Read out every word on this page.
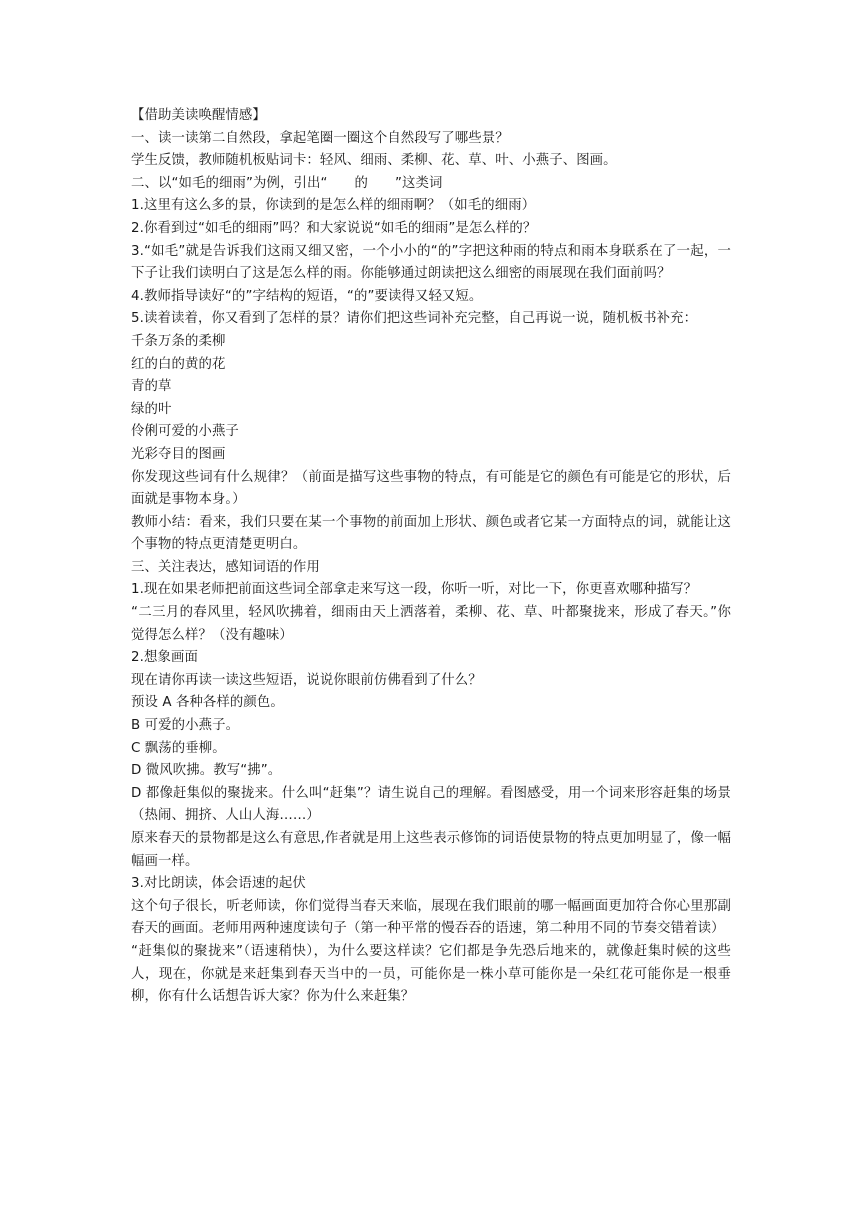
【借助美读唤醒情感】

一、读一读第二自然段，拿起笔圈一圈这个自然段写了哪些景？

学生反馈，教师随机板贴词卡：轻风、细雨、柔柳、花、草、叶、小燕子、图画。

二、以“如毛的细雨”为例，引出“　　的　　”这类词

1.这里有这么多的景，你读到的是怎么样的细雨啊？（如毛的细雨）

2.你看到过“如毛的细雨”吗？和大家说说“如毛的细雨”是怎么样的？

3.“如毛”就是告诉我们这雨又细又密，一个小小的“的”字把这种雨的特点和雨本身联系在了一起，一下子让我们读明白了这是怎么样的雨。你能够通过朗读把这么细密的雨展现在我们面前吗？

4.教师指导读好“的”字结构的短语，“的”要读得又轻又短。

5.读着读着，你又看到了怎样的景？请你们把这些词补充完整，自己再说一说，随机板书补充：

千条万条的柔柳

红的白的黄的花

青的草

绿的叶

伶俐可爱的小燕子

光彩夺目的图画

你发现这些词有什么规律？（前面是描写这些事物的特点，有可能是它的颜色有可能是它的形状，后面就是事物本身。）

教师小结：看来，我们只要在某一个事物的前面加上形状、颜色或者它某一方面特点的词，就能让这个事物的特点更清楚更明白。

三、关注表达，感知词语的作用

1.现在如果老师把前面这些词全部拿走来写这一段，你听一听，对比一下，你更喜欢哪种描写？

“二三月的春风里，轻风吹拂着，细雨由天上洒落着，柔柳、花、草、叶都聚拢来，形成了春天。”你觉得怎么样？（没有趣味）

2.想象画面

现在请你再读一读这些短语，说说你眼前仿佛看到了什么？

预设 A 各种各样的颜色。

B 可爱的小燕子。

C 飘荡的垂柳。

D 微风吹拂。教写“拂”。

D 都像赶集似的聚拢来。什么叫“赶集”？请生说自己的理解。看图感受，用一个词来形容赶集的场景（热闹、拥挤、人山人海……）

原来春天的景物都是这么有意思,作者就是用上这些表示修饰的词语使景物的特点更加明显了，像一幅幅画一样。

3.对比朗读，体会语速的起伏

这个句子很长，听老师读，你们觉得当春天来临，展现在我们眼前的哪一幅画面更加符合你心里那副春天的画面。老师用两种速度读句子（第一种平常的慢吞吞的语速，第二种用不同的节奏交错着读）

“赶集似的聚拢来”（语速稍快），为什么要这样读？它们都是争先恐后地来的，就像赶集时候的这些人，现在，你就是来赶集到春天当中的一员，可能你是一株小草可能你是一朵红花可能你是一根垂柳，你有什么话想告诉大家？你为什么来赶集？
